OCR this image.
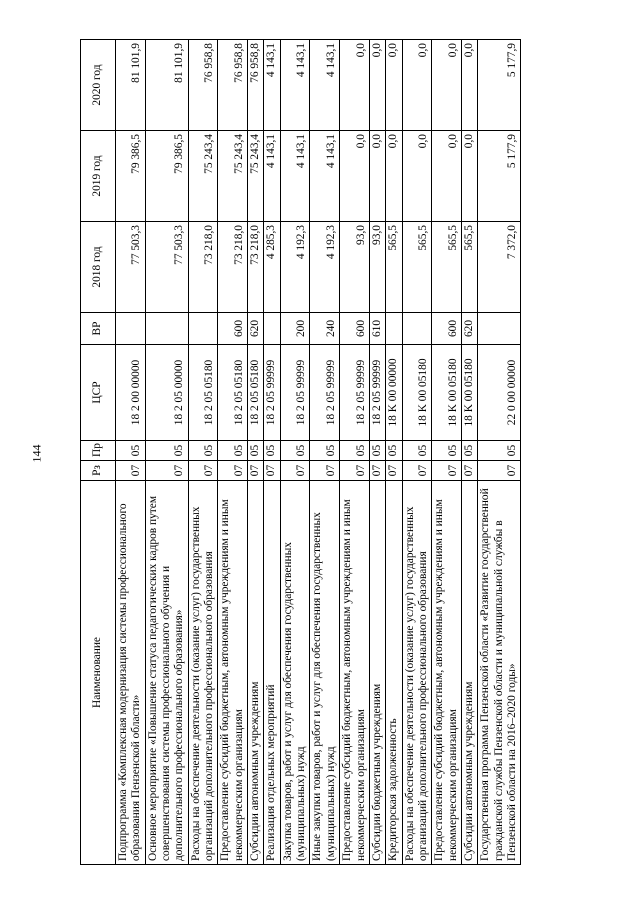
144
Наименование	Рз	Пр	ЦСР	ВР	2018 год	2019 год	2020 год
Подпрограмма «Комплексная модернизация системы профессионального образования Пензенской области»	07	05	18 2 00 00000		77 503,3	79 386,5	81 101,9
Основное мероприятие «Повышение статуса педагогических кадров путем совершенствования системы профессионального обучения и дополнительного профессионального образования»	07	05	18 2 05 00000		77 503,3	79 386,5	81 101,9
Расходы на обеспечение деятельности (оказание услуг) государственных организаций дополнительного профессионального образования	07	05	18 2 05 05180		73 218,0	75 243,4	76 958,8
Предоставление субсидий бюджетным, автономным учреждениям и иным некоммерческим организациям	07	05	18 2 05 05180	600	73 218,0	75 243,4	76 958,8
Субсидии автономным учреждениям	07	05	18 2 05 05180	620	73 218,0	75 243,4	76 958,8
Реализация отдельных мероприятий	07	05	18 2 05 99999		4 285,3	4 143,1	4 143,1
Закупка товаров, работ и услуг для обеспечения государственных (муниципальных) нужд	07	05	18 2 05 99999	200	4 192,3	4 143,1	4 143,1
Иные закупки товаров, работ и услуг для обеспечения государственных (муниципальных) нужд	07	05	18 2 05 99999	240	4 192,3	4 143,1	4 143,1
Предоставление субсидий бюджетным, автономным учреждениям и иным некоммерческим организациям	07	05	18 2 05 99999	600	93,0	0,0	0,0
Субсидии бюджетным учреждениям	07	05	18 2 05 99999	610	93,0	0,0	0,0
Кредиторская задолженность	07	05	18 K 00 00000		565,5	0,0	0,0
Расходы на обеспечение деятельности (оказание услуг) государственных организаций дополнительного профессионального образования	07	05	18 K 00 05180		565,5	0,0	0,0
Предоставление субсидий бюджетным, автономным учреждениям и иным некоммерческим организациям	07	05	18 K 00 05180	600	565,5	0,0	0,0
Субсидии автономным учреждениям	07	05	18 K 00 05180	620	565,5	0,0	0,0
Государственная программа Пензенской области «Развитие государственной гражданской службы Пензенской области и муниципальной службы в Пензенской области на 2016–2020 годы»	07	05	22 0 00 00000		7 372,0	5 177,9	5 177,9
